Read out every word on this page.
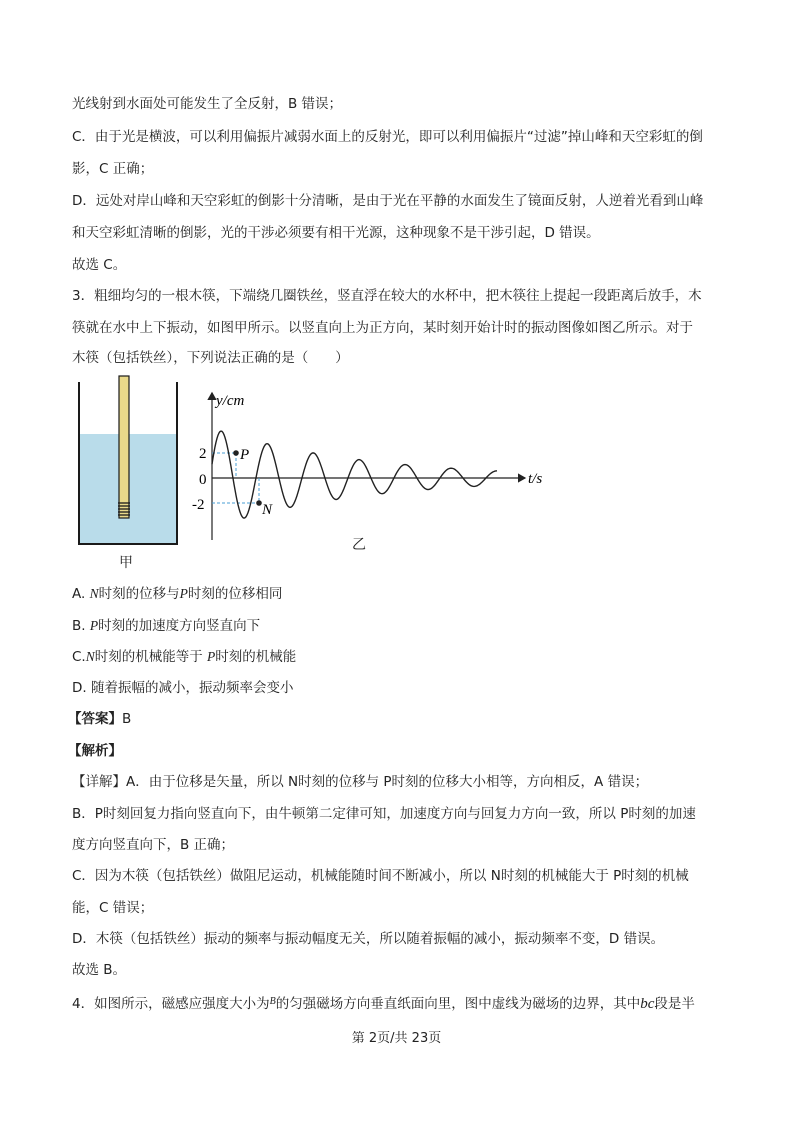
光线射到水面处可能发生了全反射，B 错误；
C．由于光是横波，可以利用偏振片减弱水面上的反射光，即可以利用偏振片“过滤”掉山峰和天空彩虹的倒
影，C 正确；
D．远处对岸山峰和天空彩虹的倒影十分清晰，是由于光在平静的水面发生了镜面反射，人逆着光看到山峰
和天空彩虹清晰的倒影，光的干涉必须要有相干光源，这种现象不是干涉引起，D 错误。
故选 C。
3．粗细均匀的一根木筷，下端绕几圈铁丝，竖直浮在较大的水杯中，把木筷往上提起一段距离后放手，木
筷就在水中上下振动，如图甲所示。以竖直向上为正方向，某时刻开始计时的振动图像如图乙所示。对于
木筷（包括铁丝），下列说法正确的是（　　）
甲
y/cm
t/s
2
0
-2
P
N
乙
A. N时刻的位移与P时刻的位移相同
B. P时刻的加速度方向竖直向下
C.N时刻的机械能等于 P时刻的机械能
D. 随着振幅的减小，振动频率会变小
【答案】B
【解析】
【详解】A．由于位移是矢量，所以 N时刻的位移与 P时刻的位移大小相等，方向相反，A 错误；
B．P时刻回复力指向竖直向下，由牛顿第二定律可知，加速度方向与回复力方向一致，所以 P时刻的加速
度方向竖直向下，B 正确；
C．因为木筷（包括铁丝）做阻尼运动，机械能随时间不断减小，所以 N时刻的机械能大于 P时刻的机械
能，C 错误；
D．木筷（包括铁丝）振动的频率与振动幅度无关，所以随着振幅的减小，振动频率不变，D 错误。
故选 B。
4．如图所示，磁感应强度大小为$^B$的匀强磁场方向垂直纸面向里，图中虚线为磁场的边界，其中bc段是半
第 2页/共 23页
